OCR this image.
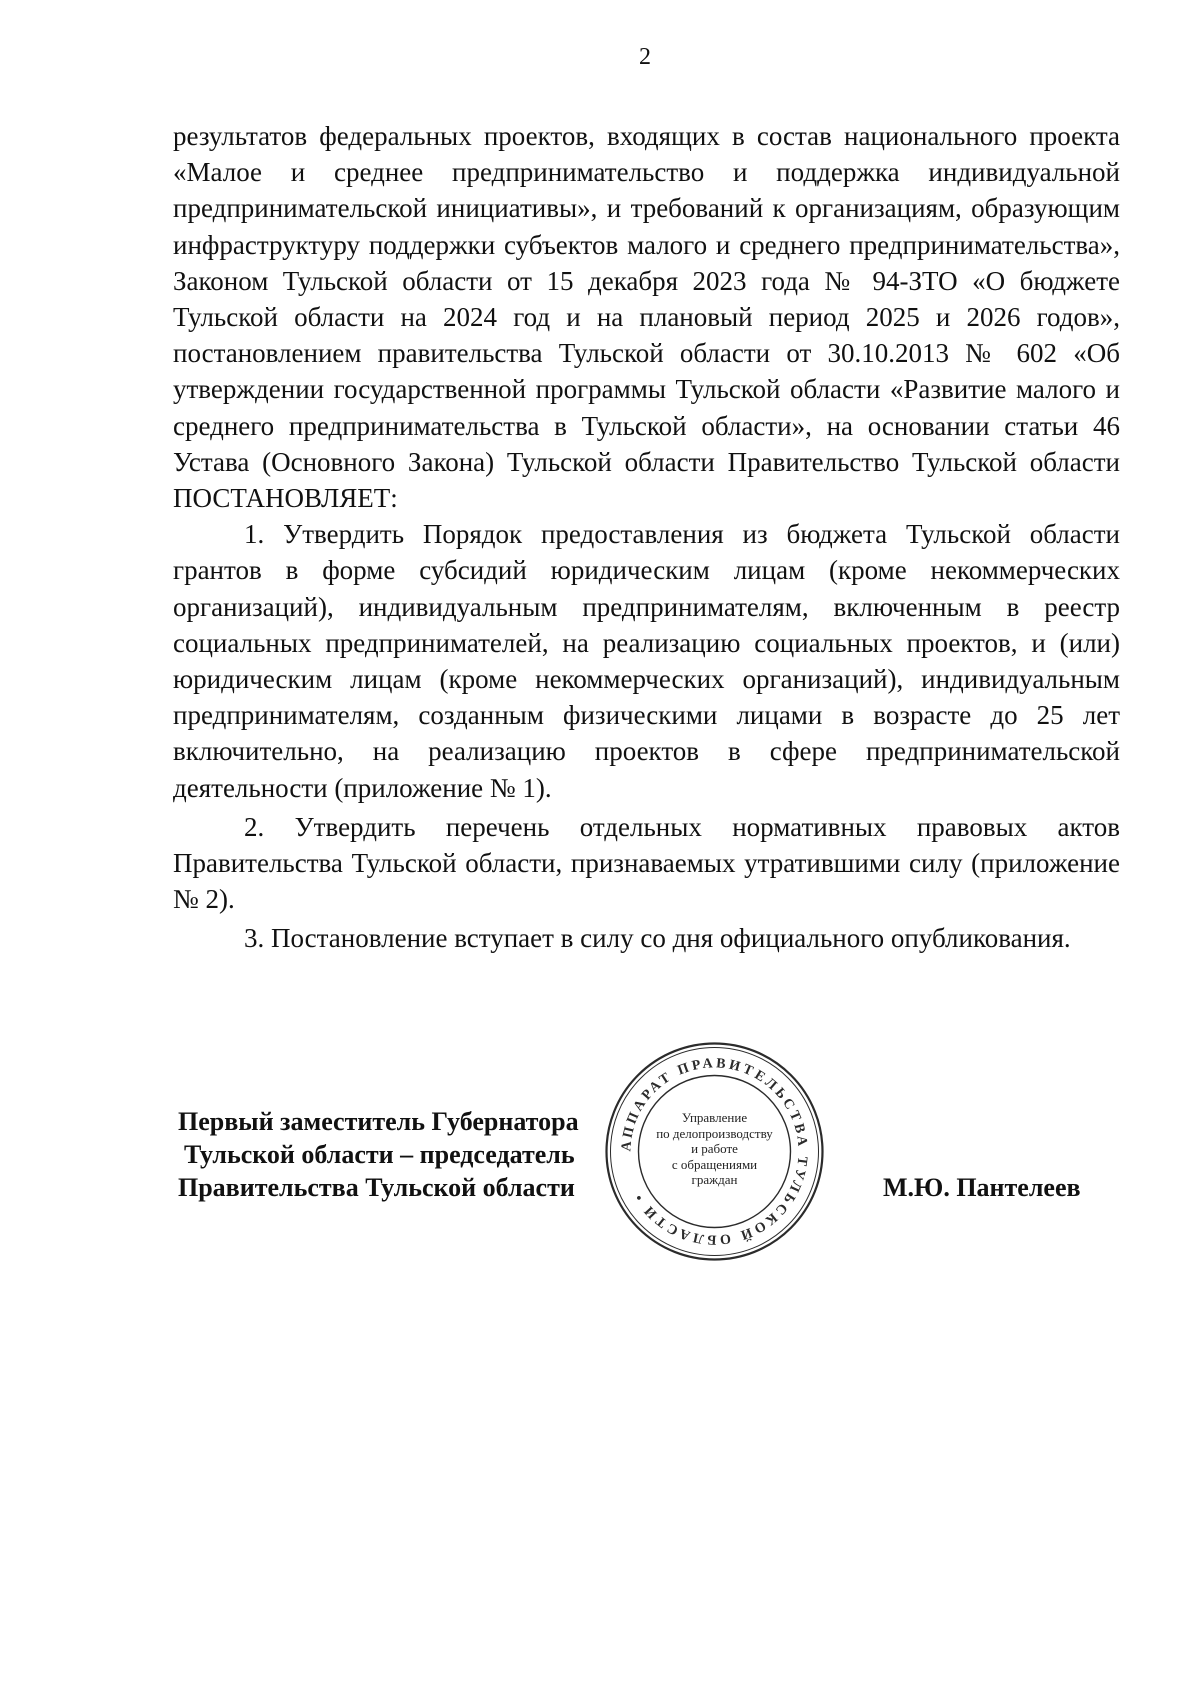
2

результатов федеральных проектов, входящих в состав национального проекта «Малое и среднее предпринимательство и поддержка индивидуальной предпринимательской инициативы», и требований к организациям, образующим инфраструктуру поддержки субъектов малого и среднего предпринимательства», Законом Тульской области от 15 декабря 2023 года № 94-ЗТО «О бюджете Тульской области на 2024 год и на плановый период 2025 и 2026 годов», постановлением правительства Тульской области от 30.10.2013 № 602 «Об утверждении государственной программы Тульской области «Развитие малого и среднего предпринимательства в Тульской области», на основании статьи 46 Устава (Основного Закона) Тульской области Правительство Тульской области ПОСТАНОВЛЯЕТ:

1. Утвердить Порядок предоставления из бюджета Тульской области грантов в форме субсидий юридическим лицам (кроме некоммерческих организаций), индивидуальным предпринимателям, включенным в реестр социальных предпринимателей, на реализацию социальных проектов, и (или) юридическим лицам (кроме некоммерческих организаций), индивидуальным предпринимателям, созданным физическими лицами в возрасте до 25 лет включительно, на реализацию проектов в сфере предпринимательской деятельности (приложение № 1).

2. Утвердить перечень отдельных нормативных правовых актов Правительства Тульской области, признаваемых утратившими силу (приложение № 2).

3. Постановление вступает в силу со дня официального опубликования.

Первый заместитель Губернатора
Тульской области – председатель
Правительства Тульской области	М.Ю. Пантелеев
АППАРАТ ПРАВИТЕЛЬСТВА ТУЛЬСКОЙ ОБЛАСТИ •
Управление
по делопроизводству
и работе
с обращениями
граждан
